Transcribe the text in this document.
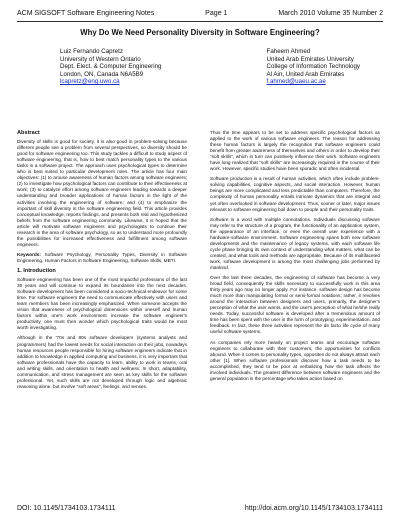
ACM SIGSOFT Software Engineering Notes	Page 1	March 2010 Volume 35 Number 2
Why Do We Need Personality Diversity in Software Engineering?
Luiz Fernando Capretz
University of Western Ontario
Dept. Elect. & Computer Engineering
London, ON, Canada N6A5B9
lcapretz@eng.uwo.ca
Faheem Ahmed
United Arab Emirates University
College of Information Technology
Al Ain, United Arab Emirates
f.ahmed@uaeu.ac.ae
Abstract

Diversity of skills is good for society, it is also good in problem-solving because different people see a problem from several perspectives, so diversity should be good for software engineering too. This study tackles a difficult to study aspect of software engineering, that is, how to best match personality types to the various tasks in a software project. The approach uses psychological types to determine who is best suited to particular development roles. The article has four main objectives: (1) to arouse awareness of human factors among software engineers; (2) to investigate how psychological factors can contribute to their effectiveness at work; (3) to catalyze effort among software engineers leading towards a deeper understanding and broader applications of human factors in the light of the activities involving the engineering of software; and (4) to emphasize the important of skill diversity in the software engineering field. This article provides conceptual knowledge, reports findings, and presents both real and hypothesized beliefs from the software engineering community. Likewise, it is hoped that the article will motivate software engineers and psychologists to continue their research in the area of software psychology, so as to understand more profoundly the possibilities for increased effectiveness and fulfillment among software engineers.

Keywords: Software Psychology, Personality Types, Diversity in Software Engineering, Human Factors in Software Engineering, Software Skills, MBTI.

1. Introduction

Software engineering has been one of the most impactful professions of the last 30 years and will continue to expand its boundaries into the next decades. Software development has been considered a socio-technical endeavor for some time. For software engineers the need to communicate effectively with users and team members has been increasingly emphasized. When someone accepts the vision that awareness of psychological dimensions within oneself and human factors within one's work environment increase the software engineer's productivity, one must then wonder which psychological traits would be most worth investigating.

Although in the '70s and 80s software developers (systems analysts and programmers) had the lowest needs for social interaction on their jobs, nowadays human resources people responsible for hiring software engineers indicate that in addition to knowledge in applied computing and business, it is very important that software professionals have the capacity to learn, ability to work in teams, oral and writing skills, and orientation to health and wellness. In short, adaptability, communication, and stress management are seen as key skills for the software professional. Yet, such skills are not developed through logic and algebraic reasoning alone, but involve "soft areas", feelings, and senses.

Thus the time appears to be set to address specific psychological factors as applied to the work of various software engineers. The reason for addressing these human factors is largely the recognition that software engineers could benefit from greater awareness of themselves and others in order to develop their "soft skills", which in turn can positively influence their work. Software engineers have long realized that "soft skills" are increasingly required in the course of their work. However, specific studies have been sporadic and often incidental.

Software production is a result of human activities, which often include problem-solving capabilities, cognitive aspects, and social interaction. However, human beings are more complicated and less predictable than computers. Therefore, the complexity of human personality entails intricate dynamics that are integral and yet often overlooked in software development. Thus, sooner or later, major issues relevant to software engineering boil down to people and their personality traits.

Software is a word with multiple connotations. Individuals discussing software may refer to the structure of a program, the functionality of an application system, the appearance of an interface, or even the overall user experience with a hardware-software environment. Software engineering spans both new software developments and the maintenance of legacy systems, with each software life cycle phase bringing its own context of understanding what matters, what can be created, and what tools and methods are appropriate. Because of its multifaceted work, software development is among the most challenging jobs performed by mankind.

Over the last three decades, the engineering of software has become a very broad field, consequently the skills necessary to successfully work in this area thirty years ago may no longer apply. For instance, software design has become much more than manipulating formal or semi-formal notations; rather, it revolves around the interaction between designers and users, primarily, the designer's perception of what the user wants, and the user's perception of what he/she really needs. Today, successful software is developed after a tremendous amount of time has been spent with the user in the form of prototyping, experimentation, and feedback. In fact, these three activities represent the de facto life cycle of many useful software systems.

As companies rely more heavily on project teams and encourage software engineers to collaborate with their customers, the opportunities for conflicts abound. When it comes to personality types, opposites do not always attract each other [1]. When software professionals discover how a task needs to be accomplished, they tend to be poor at verbalizing how the task affects the involved individuals. The greatest difference between software engineers and the general population is the percentage who takes action based on

DOI: 10.1145/1734103.1734111	http://doi.acm.org/10.1145/1734103.1734111
